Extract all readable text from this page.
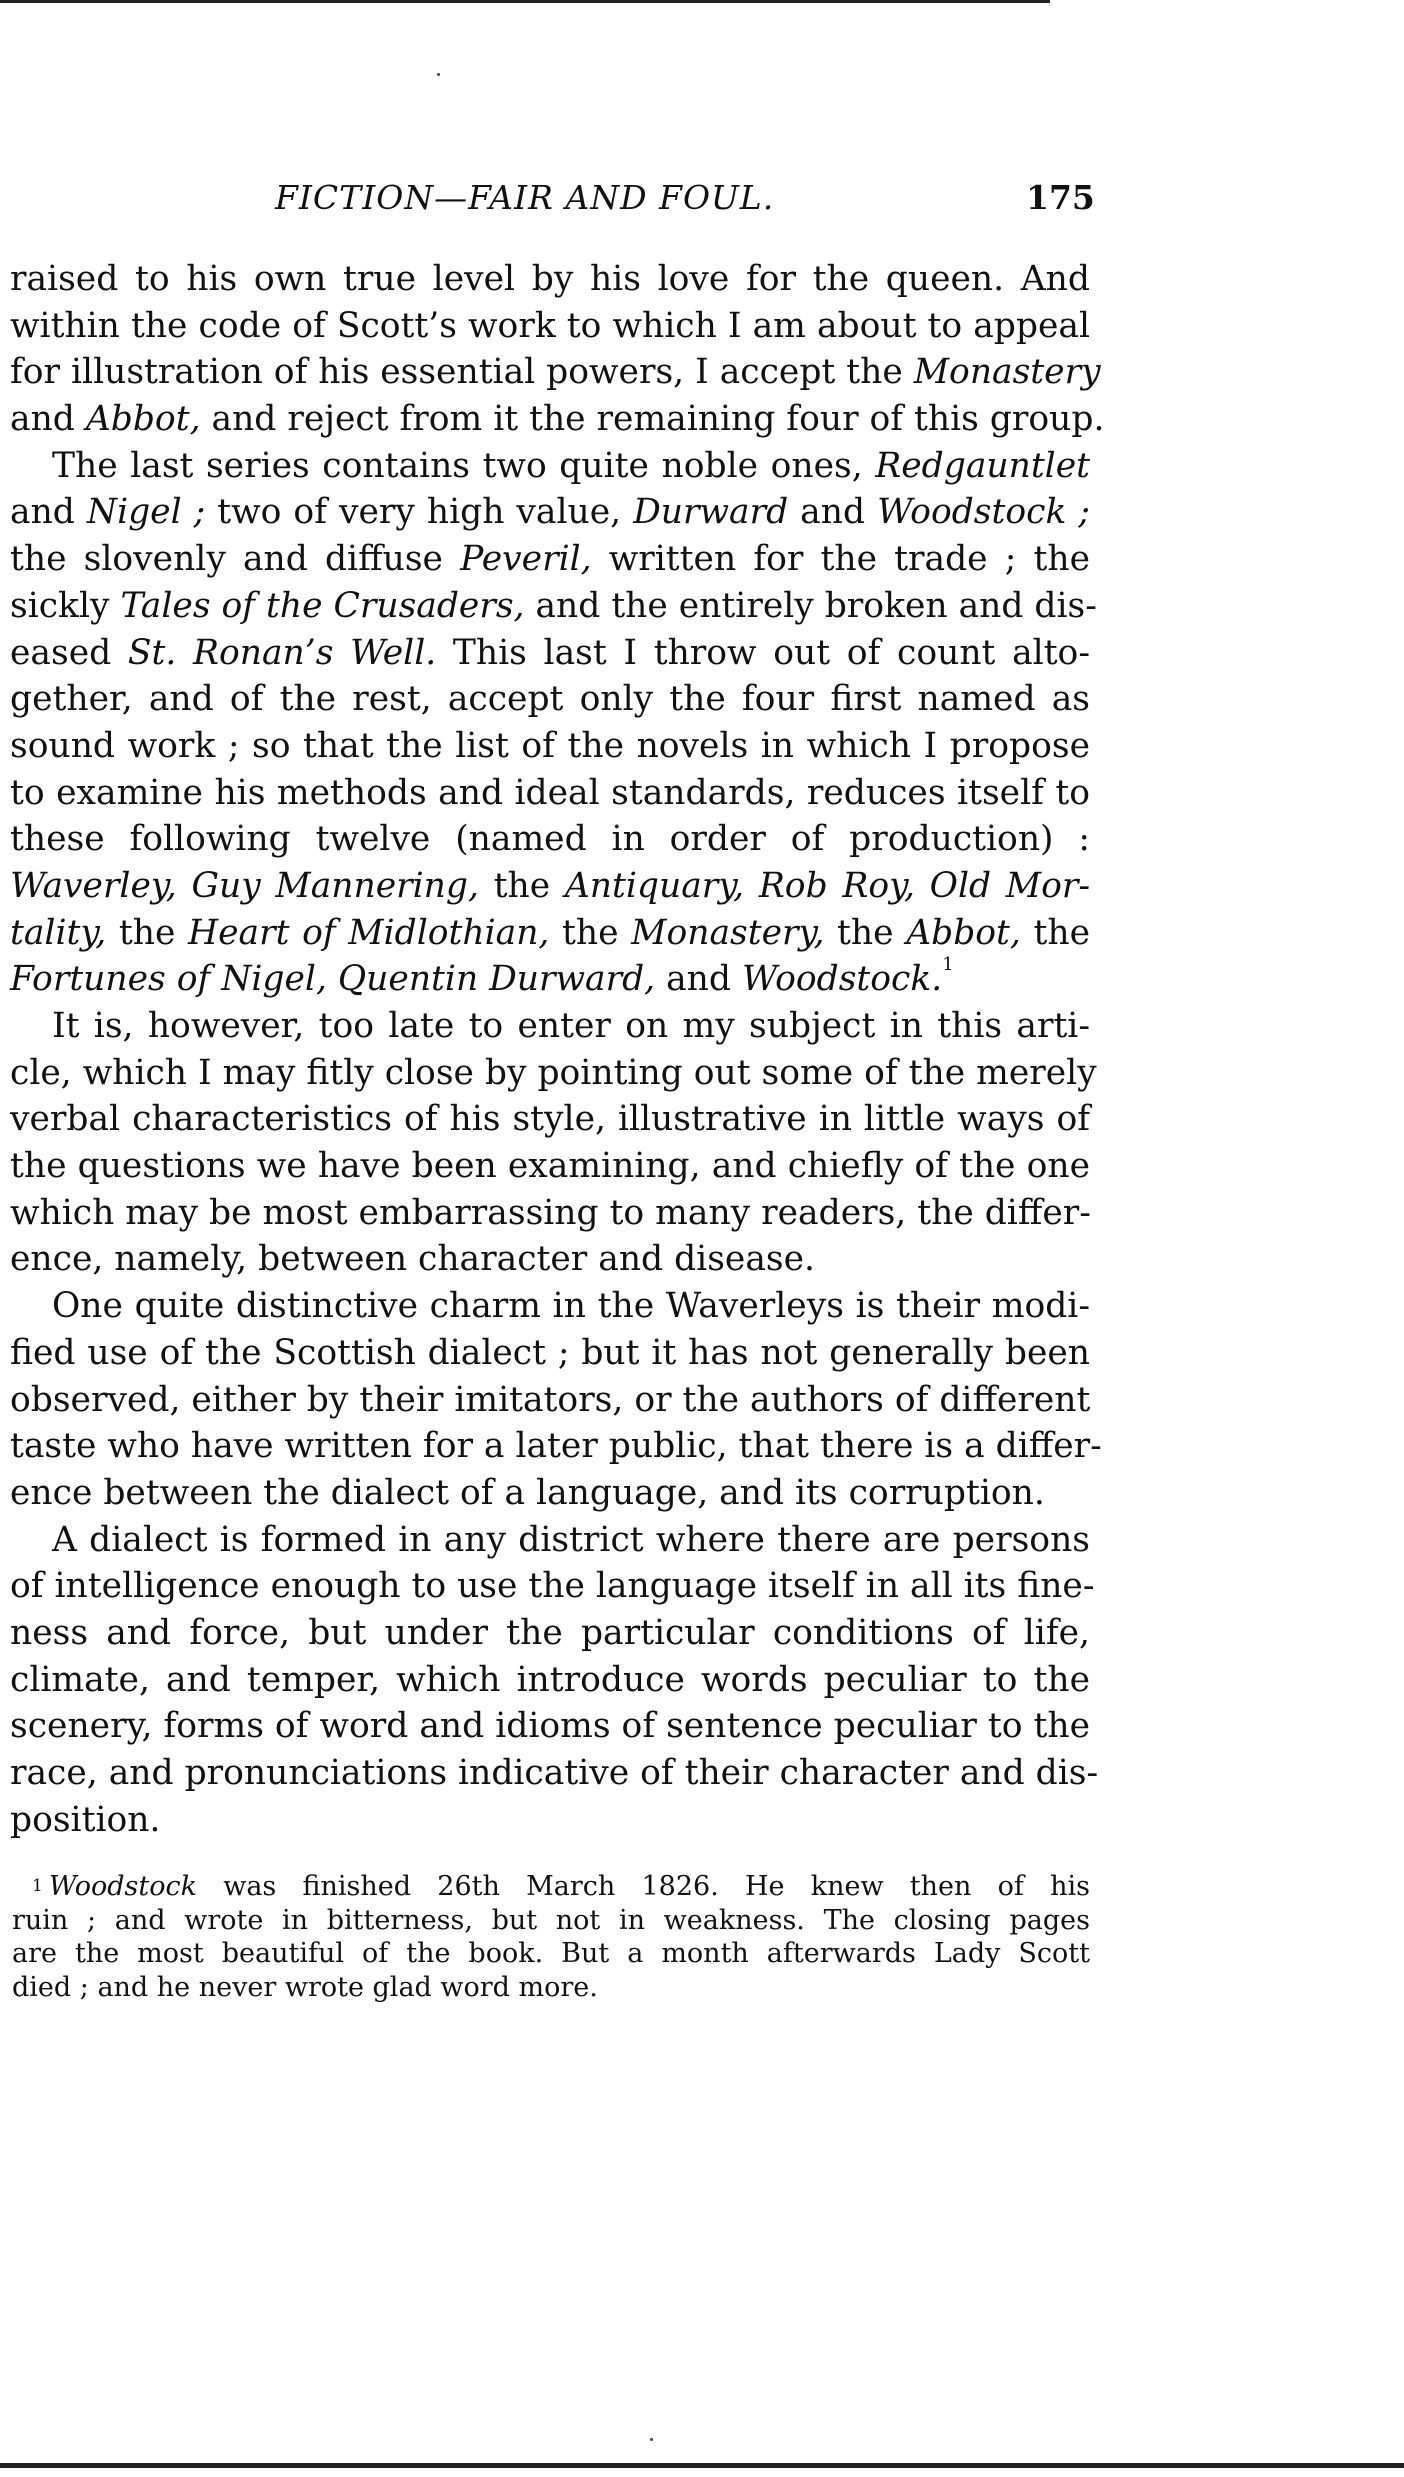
FICTION—FAIR AND FOUL.	175
raised to his own true level by his love for the queen. And
within the code of Scott’s work to which I am about to appeal
for illustration of his essential powers, I accept the Monastery
and Abbot, and reject from it the remaining four of this group.
The last series contains two quite noble ones, Redgauntlet
and Nigel ; two of very high value, Durward and Woodstock ;
the slovenly and diffuse Peveril, written for the trade ; the
sickly Tales of the Crusaders, and the entirely broken and dis-
eased St. Ronan’s Well. This last I throw out of count alto-
gether, and of the rest, accept only the four first named as
sound work ; so that the list of the novels in which I propose
to examine his methods and ideal standards, reduces itself to
these following twelve (named in order of production) :
Waverley, Guy Mannering, the Antiquary, Rob Roy, Old Mor-
tality, the Heart of Midlothian, the Monastery, the Abbot, the
Fortunes of Nigel, Quentin Durward, and Woodstock.$^1$
It is, however, too late to enter on my subject in this arti-
cle, which I may fitly close by pointing out some of the merely
verbal characteristics of his style, illustrative in little ways of
the questions we have been examining, and chiefly of the one
which may be most embarrassing to many readers, the differ-
ence, namely, between character and disease.
One quite distinctive charm in the Waverleys is their modi-
fied use of the Scottish dialect ; but it has not generally been
observed, either by their imitators, or the authors of different
taste who have written for a later public, that there is a differ-
ence between the dialect of a language, and its corruption.
A dialect is formed in any district where there are persons
of intelligence enough to use the language itself in all its fine-
ness and force, but under the particular conditions of life,
climate, and temper, which introduce words peculiar to the
scenery, forms of word and idioms of sentence peculiar to the
race, and pronunciations indicative of their character and dis-
position.
$^1$ Woodstock was finished 26th March 1826. He knew then of his
ruin ; and wrote in bitterness, but not in weakness. The closing pages
are the most beautiful of the book. But a month afterwards Lady Scott
died ; and he never wrote glad word more.
